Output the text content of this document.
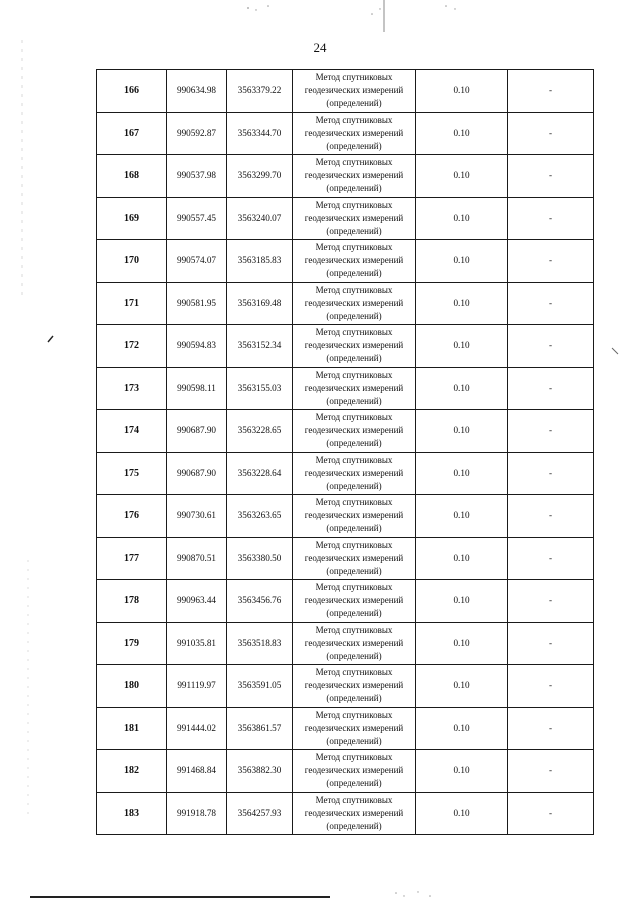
24
166	990634.98	3563379.22	Метод спутниковых
геодезических измерений
(определений)	0.10	-
167	990592.87	3563344.70	Метод спутниковых
геодезических измерений
(определений)	0.10	-
168	990537.98	3563299.70	Метод спутниковых
геодезических измерений
(определений)	0.10	-
169	990557.45	3563240.07	Метод спутниковых
геодезических измерений
(определений)	0.10	-
170	990574.07	3563185.83	Метод спутниковых
геодезических измерений
(определений)	0.10	-
171	990581.95	3563169.48	Метод спутниковых
геодезических измерений
(определений)	0.10	-
172	990594.83	3563152.34	Метод спутниковых
геодезических измерений
(определений)	0.10	-
173	990598.11	3563155.03	Метод спутниковых
геодезических измерений
(определений)	0.10	-
174	990687.90	3563228.65	Метод спутниковых
геодезических измерений
(определений)	0.10	-
175	990687.90	3563228.64	Метод спутниковых
геодезических измерений
(определений)	0.10	-
176	990730.61	3563263.65	Метод спутниковых
геодезических измерений
(определений)	0.10	-
177	990870.51	3563380.50	Метод спутниковых
геодезических измерений
(определений)	0.10	-
178	990963.44	3563456.76	Метод спутниковых
геодезических измерений
(определений)	0.10	-
179	991035.81	3563518.83	Метод спутниковых
геодезических измерений
(определений)	0.10	-
180	991119.97	3563591.05	Метод спутниковых
геодезических измерений
(определений)	0.10	-
181	991444.02	3563861.57	Метод спутниковых
геодезических измерений
(определений)	0.10	-
182	991468.84	3563882.30	Метод спутниковых
геодезических измерений
(определений)	0.10	-
183	991918.78	3564257.93	Метод спутниковых
геодезических измерений
(определений)	0.10	-
